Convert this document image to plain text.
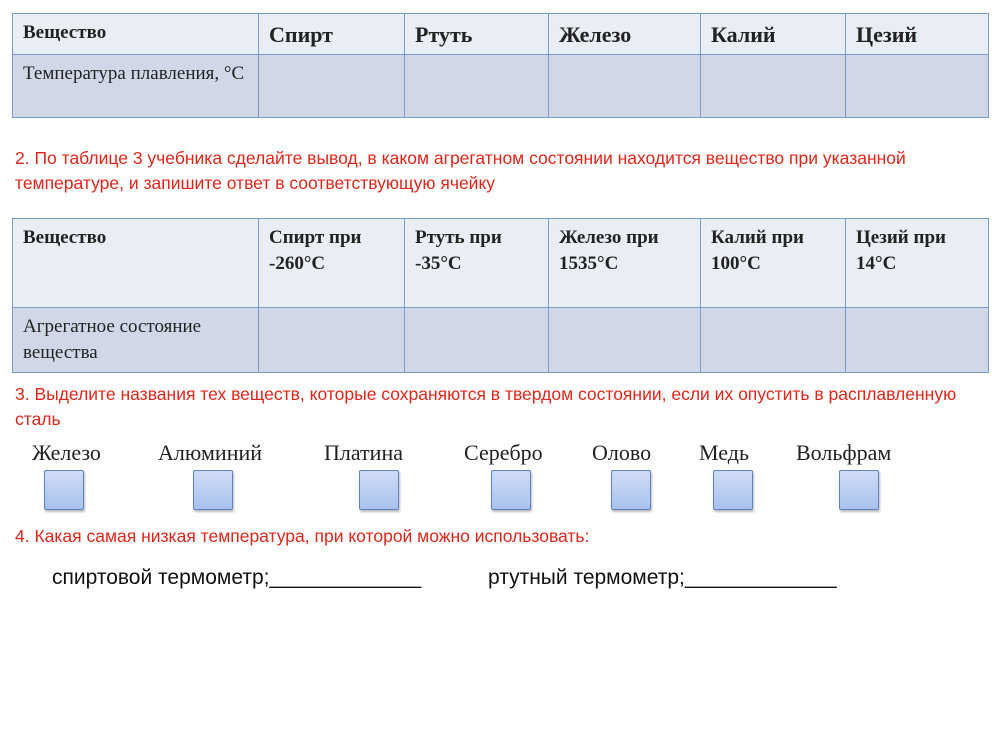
Вещество	Спирт	Ртуть	Железо	Калий	Цезий
Температура плавления, °C					
2. По таблице 3 учебника сделайте вывод, в каком агрегатном состоянии находится вещество при указанной температуре, и запишите ответ в соответствующую ячейку
Вещество	Спирт при -260°C	Ртуть при -35°C	Железо при 1535°C	Калий при 100°C	Цезий при 14°C
Агрегатное состояние вещества					
3. Выделите названия тех веществ, которые сохраняются в твердом состоянии, если их опустить в расплавленную сталь
Железо	Алюминий	Платина	Серебро Олово Медь Вольфрам
4. Какая самая низкая температура, при которой можно использовать:
спиртовой термометр;_____________	ртутный термометр;_____________
